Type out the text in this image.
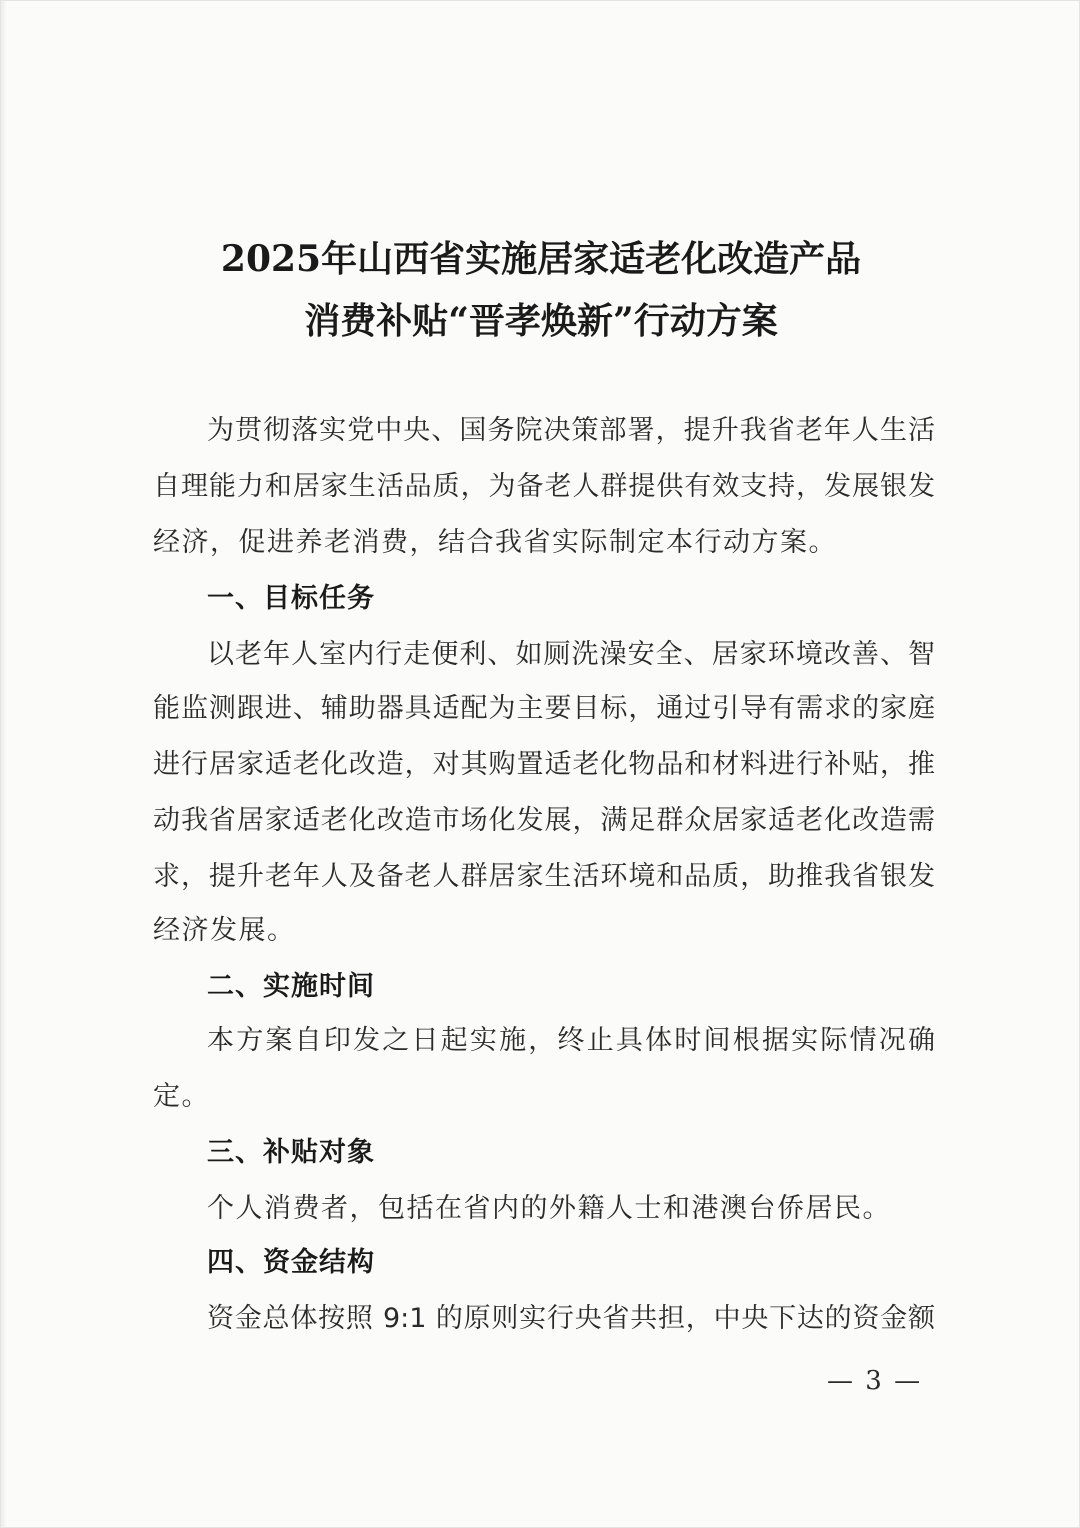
2025年山西省实施居家适老化改造产品
消费补贴“晋孝焕新”行动方案

为贯彻落实党中央、国务院决策部署，提升我省老年人生活

自理能力和居家生活品质，为备老人群提供有效支持，发展银发

经济，促进养老消费，结合我省实际制定本行动方案。

一、目标任务

以老年人室内行走便利、如厕洗澡安全、居家环境改善、智

能监测跟进、辅助器具适配为主要目标，通过引导有需求的家庭

进行居家适老化改造，对其购置适老化物品和材料进行补贴，推

动我省居家适老化改造市场化发展，满足群众居家适老化改造需

求，提升老年人及备老人群居家生活环境和品质，助推我省银发

经济发展。

二、实施时间

本方案自印发之日起实施，终止具体时间根据实际情况确

定。

三、补贴对象

个人消费者，包括在省内的外籍人士和港澳台侨居民。

四、资金结构

资金总体按照 9:1 的原则实行央省共担，中央下达的资金额

— 3 —
